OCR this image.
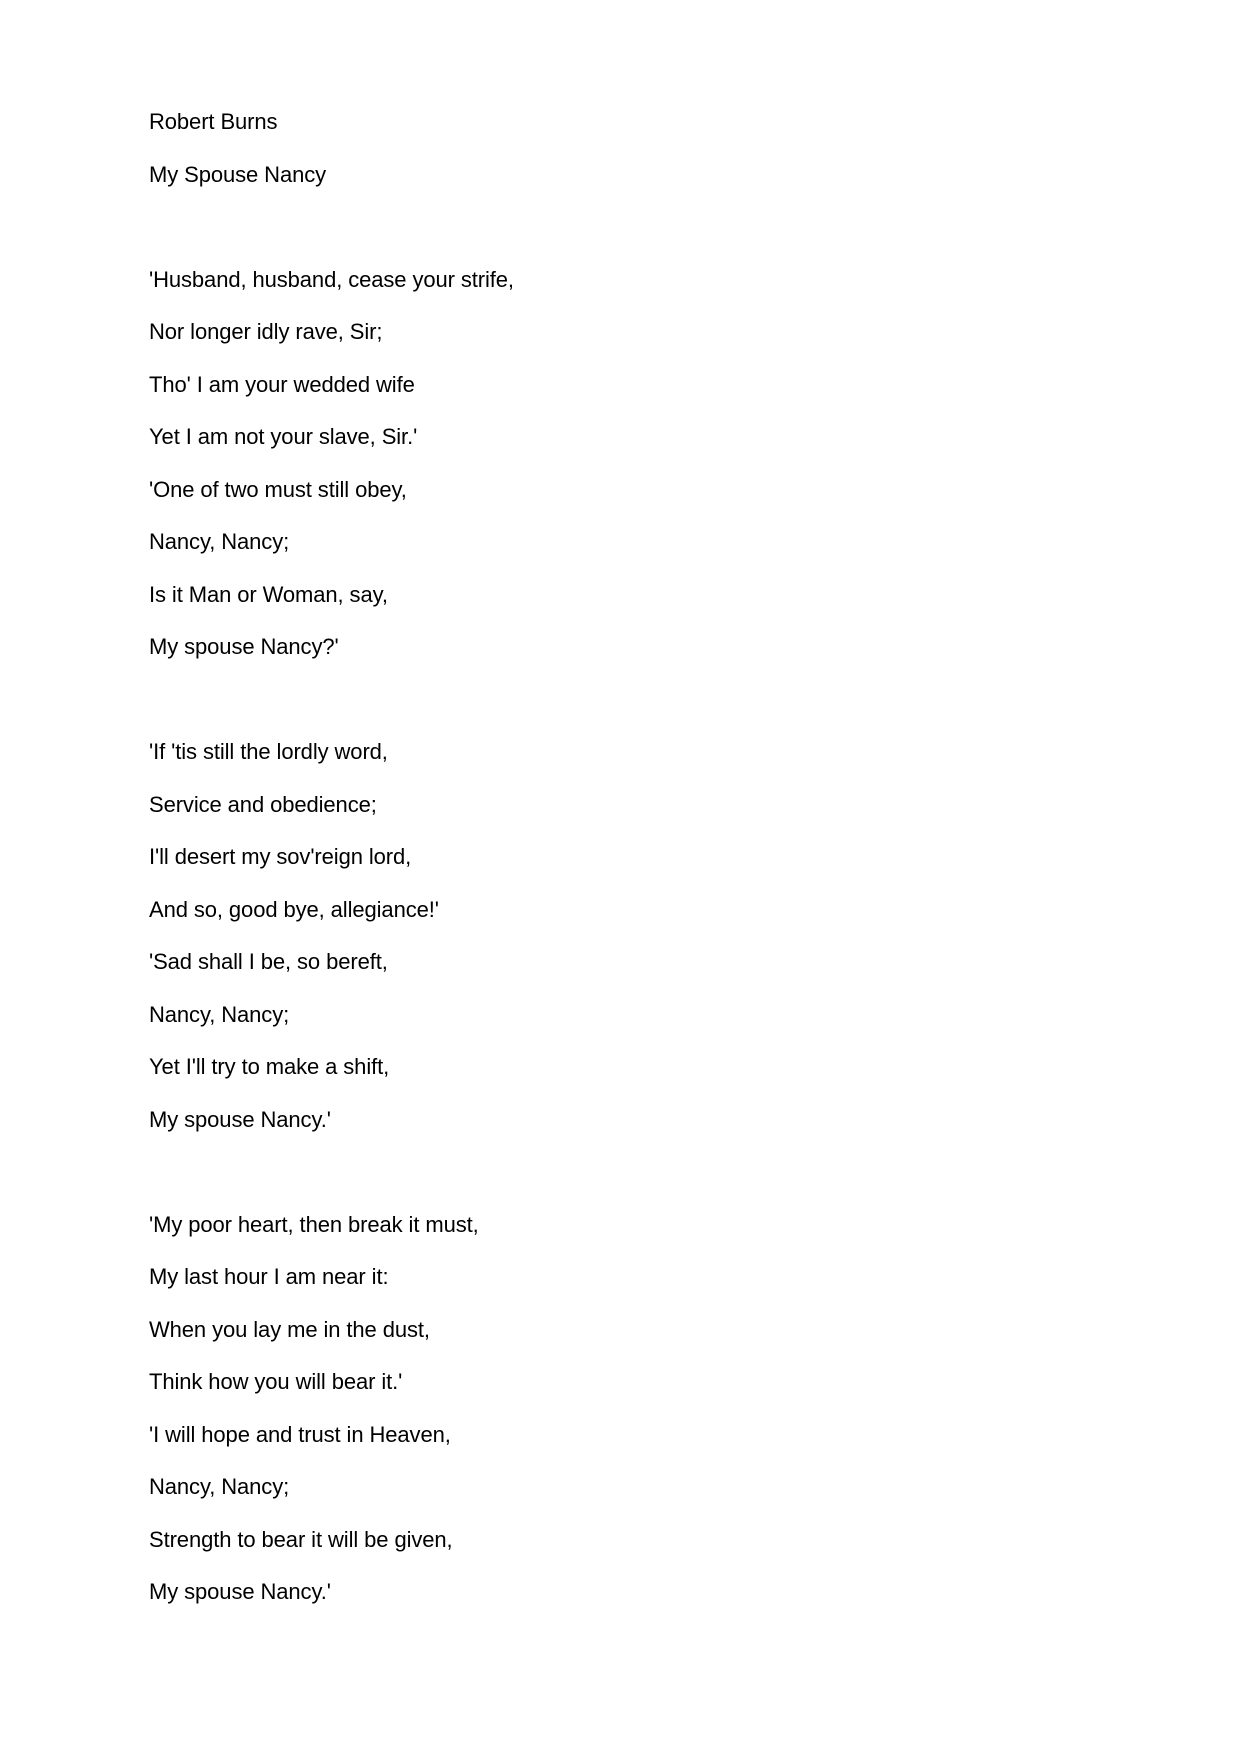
Robert Burns
My Spouse Nancy
'Husband, husband, cease your strife,
Nor longer idly rave, Sir;
Tho' I am your wedded wife
Yet I am not your slave, Sir.'
'One of two must still obey,
Nancy, Nancy;
Is it Man or Woman, say,
My spouse Nancy?'
'If 'tis still the lordly word,
Service and obedience;
I'll desert my sov'reign lord,
And so, good bye, allegiance!'
'Sad shall I be, so bereft,
Nancy, Nancy;
Yet I'll try to make a shift,
My spouse Nancy.'
'My poor heart, then break it must,
My last hour I am near it:
When you lay me in the dust,
Think how you will bear it.'
'I will hope and trust in Heaven,
Nancy, Nancy;
Strength to bear it will be given,
My spouse Nancy.'
